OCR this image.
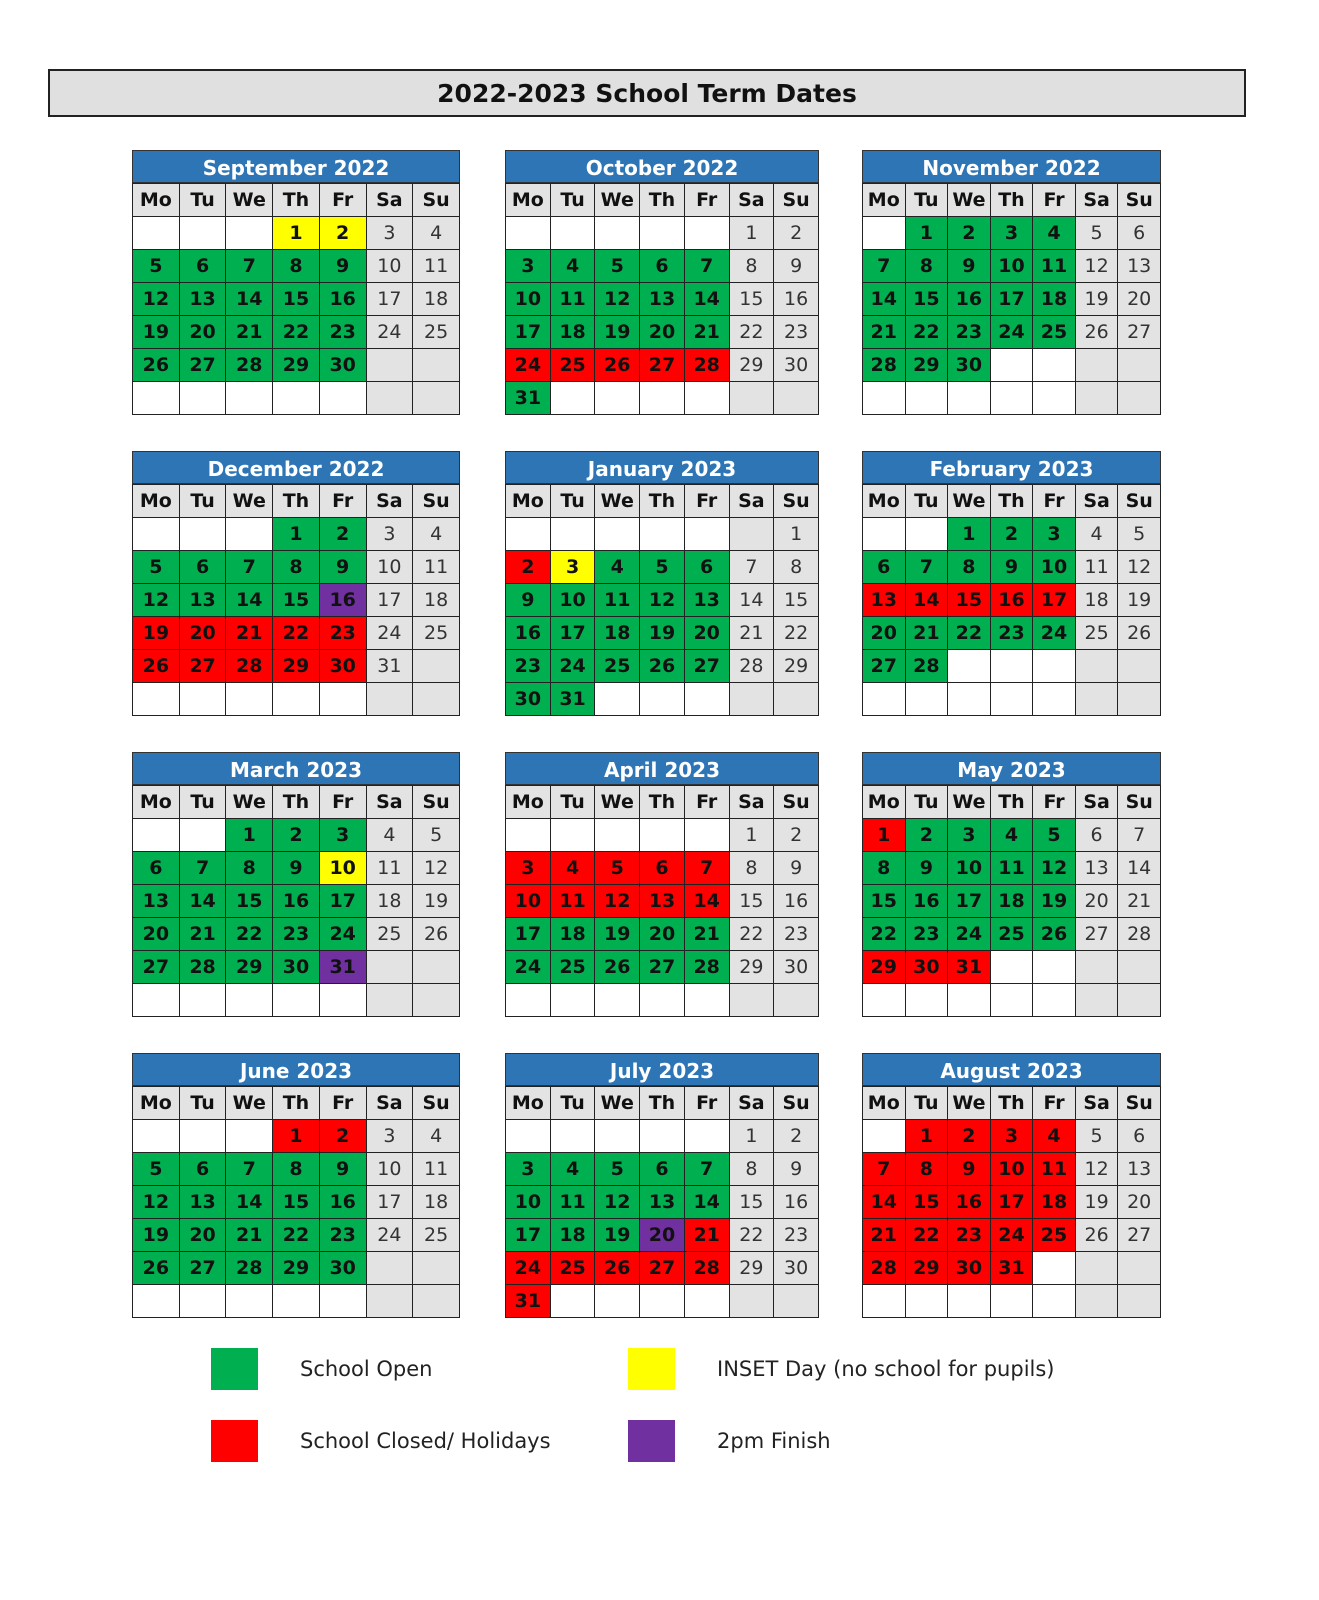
2022-2023 School Term Dates
September 2022
Mo	Tu	We	Th	Fr	Sa	Su
			1	2	3	4
5	6	7	8	9	10	11
12	13	14	15	16	17	18
19	20	21	22	23	24	25
26	27	28	29	30		

October 2022
Mo	Tu	We	Th	Fr	Sa	Su
					1	2
3	4	5	6	7	8	9
10	11	12	13	14	15	16
17	18	19	20	21	22	23
24	25	26	27	28	29	30
31						
November 2022
Mo	Tu	We	Th	Fr	Sa	Su
	1	2	3	4	5	6
7	8	9	10	11	12	13
14	15	16	17	18	19	20
21	22	23	24	25	26	27
28	29	30				

December 2022
Mo	Tu	We	Th	Fr	Sa	Su
			1	2	3	4
5	6	7	8	9	10	11
12	13	14	15	16	17	18
19	20	21	22	23	24	25
26	27	28	29	30	31	

January 2023
Mo	Tu	We	Th	Fr	Sa	Su
						1
2	3	4	5	6	7	8
9	10	11	12	13	14	15
16	17	18	19	20	21	22
23	24	25	26	27	28	29
30	31					
February 2023
Mo	Tu	We	Th	Fr	Sa	Su
		1	2	3	4	5
6	7	8	9	10	11	12
13	14	15	16	17	18	19
20	21	22	23	24	25	26
27	28					

March 2023
Mo	Tu	We	Th	Fr	Sa	Su
		1	2	3	4	5
6	7	8	9	10	11	12
13	14	15	16	17	18	19
20	21	22	23	24	25	26
27	28	29	30	31		

April 2023
Mo	Tu	We	Th	Fr	Sa	Su
					1	2
3	4	5	6	7	8	9
10	11	12	13	14	15	16
17	18	19	20	21	22	23
24	25	26	27	28	29	30

May 2023
Mo	Tu	We	Th	Fr	Sa	Su
1	2	3	4	5	6	7
8	9	10	11	12	13	14
15	16	17	18	19	20	21
22	23	24	25	26	27	28
29	30	31				

June 2023
Mo	Tu	We	Th	Fr	Sa	Su
			1	2	3	4
5	6	7	8	9	10	11
12	13	14	15	16	17	18
19	20	21	22	23	24	25
26	27	28	29	30		

July 2023
Mo	Tu	We	Th	Fr	Sa	Su
					1	2
3	4	5	6	7	8	9
10	11	12	13	14	15	16
17	18	19	20	21	22	23
24	25	26	27	28	29	30
31						
August 2023
Mo	Tu	We	Th	Fr	Sa	Su
	1	2	3	4	5	6
7	8	9	10	11	12	13
14	15	16	17	18	19	20
21	22	23	24	25	26	27
28	29	30	31			

School Open	INSET Day (no school for pupils)
School Closed/ Holidays	2pm Finish
